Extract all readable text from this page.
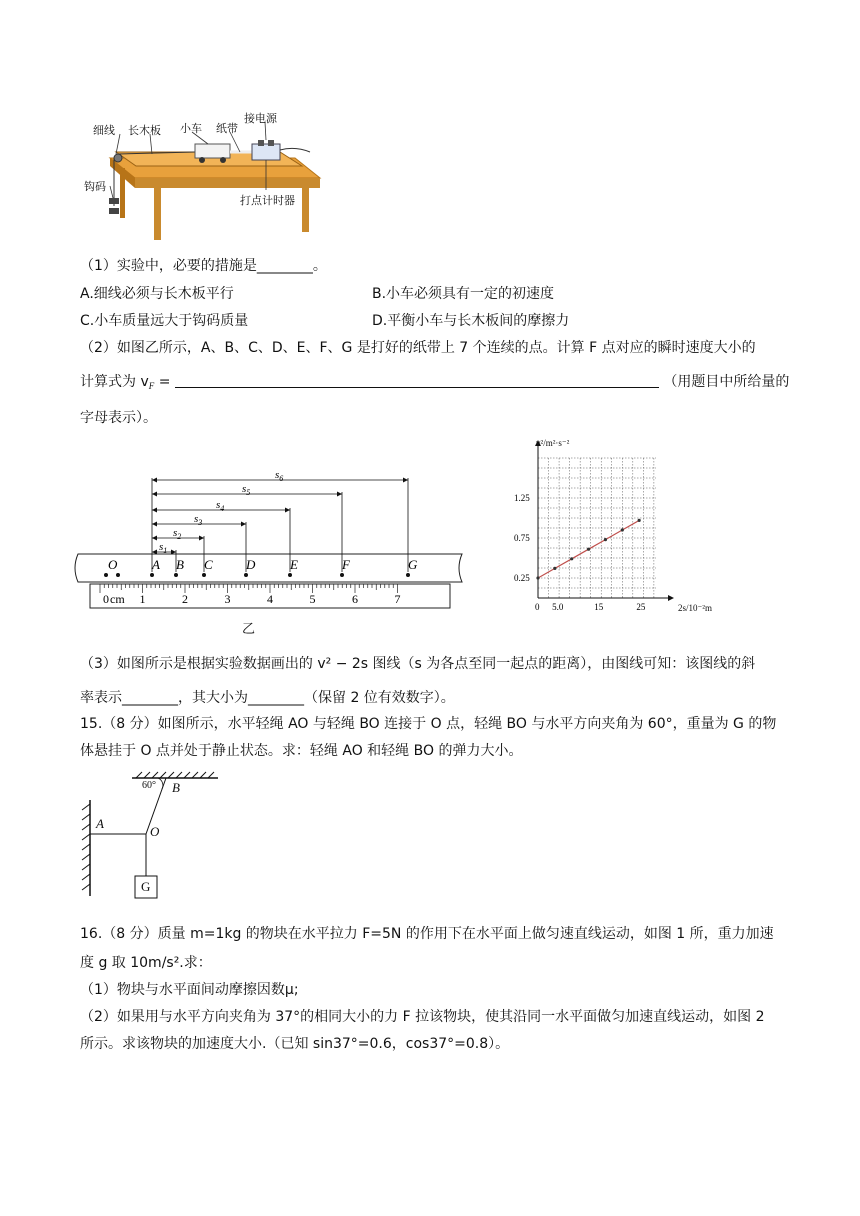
细线 长木板 小车 纸带
接电源
钩码
打点计时器
（1）实验中，必要的措施是________。
A.细线必须与长木板平行	B.小车必须具有一定的初速度
C.小车质量远大于钩码质量	D.平衡小车与长木板间的摩擦力
（2）如图乙所示，A、B、C、D、E、F、G 是打好的纸带上 7 个连续的点。计算 F 点对应的瞬时速度大小的
计算式为 $v_F$ =	（用题目中所给量的
字母表示）。
0	1	2	3	4	5	6	7
cm
O	A B C	D	E	F	G
$s_1$
$s_2$
$s_3$
$s_4$
$s_5$
$s_6$
乙
0 5.0	15	25
0.25
0.75
1.25
v²/m²·s⁻²
2s/10⁻²m
（3）如图所示是根据实验数据画出的 v² − 2s 图线（s 为各点至同一起点的距离），由图线可知：该图线的斜
率表示________，其大小为________（保留 2 位有效数字）。
15.（8 分）如图所示，水平轻绳 AO 与轻绳 BO 连接于 O 点，轻绳 BO 与水平方向夹角为 60°，重量为 G 的物
体悬挂于 O 点并处于静止状态。求：轻绳 AO 和轻绳 BO 的弹力大小。
60° B
A
O
G
16.（8 分）质量 m=1kg 的物块在水平拉力 F=5N 的作用下在水平面上做匀速直线运动，如图 1 所，重力加速
度 g 取 10m/s².求：
（1）物块与水平面间动摩擦因数μ;
（2）如果用与水平方向夹角为 37°的相同大小的力 F 拉该物块，使其沿同一水平面做匀加速直线运动，如图 2
所示。求该物块的加速度大小.（已知 sin37°=0.6，cos37°=0.8）。
